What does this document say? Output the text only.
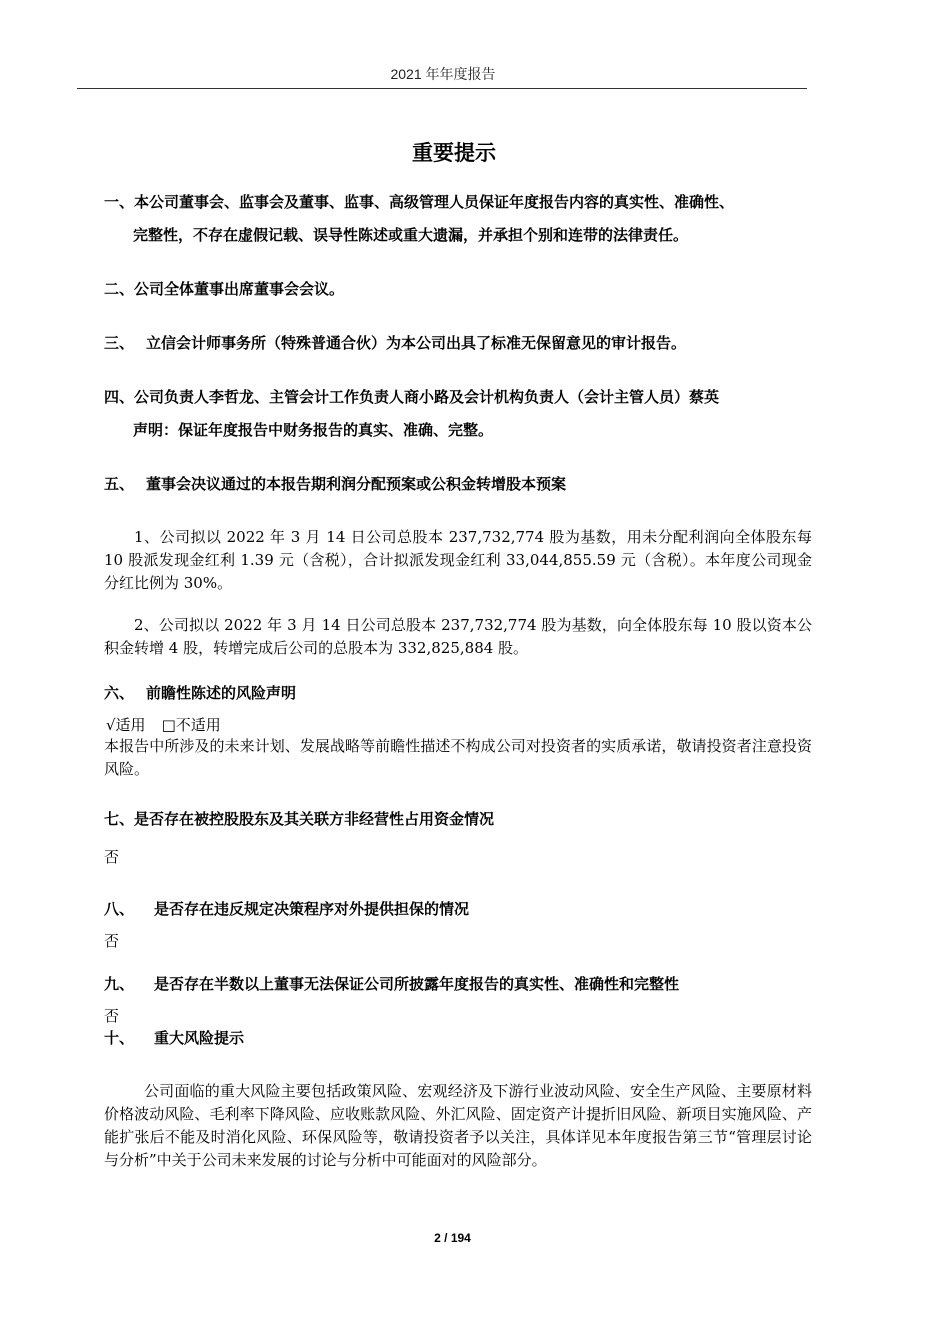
2021 年年度报告
重要提示
一、本公司董事会、监事会及董事、监事、高级管理人员保证年度报告内容的真实性、准确性、
完整性，不存在虚假记载、误导性陈述或重大遗漏，并承担个别和连带的法律责任。
二、公司全体董事出席董事会会议。
三、 立信会计师事务所（特殊普通合伙）为本公司出具了标准无保留意见的审计报告。
四、公司负责人李哲龙、主管会计工作负责人商小路及会计机构负责人（会计主管人员）蔡英
声明：保证年度报告中财务报告的真实、准确、完整。
五、 董事会决议通过的本报告期利润分配预案或公积金转增股本预案
1、公司拟以 2022 年 3 月 14 日公司总股本 237,732,774 股为基数，用未分配利润向全体股东每 10 股派发现金红利 1.39 元（含税），合计拟派发现金红利 33,044,855.59 元（含税）。本年度公司现金分红比例为 30%。
2、公司拟以 2022 年 3 月 14 日公司总股本 237,732,774 股为基数，向全体股东每 10 股以资本公积金转增 4 股，转增完成后公司的总股本为 332,825,884 股。
六、 前瞻性陈述的风险声明
√适用 □不适用
本报告中所涉及的未来计划、发展战略等前瞻性描述不构成公司对投资者的实质承诺，敬请投资者注意投资风险。
七、是否存在被控股股东及其关联方非经营性占用资金情况
否
八、 是否存在违反规定决策程序对外提供担保的情况
否
九、 是否存在半数以上董事无法保证公司所披露年度报告的真实性、准确性和完整性
否
十、 重大风险提示
公司面临的重大风险主要包括政策风险、宏观经济及下游行业波动风险、安全生产风险、主要原材料价格波动风险、毛利率下降风险、应收账款风险、外汇风险、固定资产计提折旧风险、新项目实施风险、产能扩张后不能及时消化风险、环保风险等，敬请投资者予以关注，具体详见本年度报告第三节“管理层讨论与分析”中关于公司未来发展的讨论与分析中可能面对的风险部分。
2 / 194
